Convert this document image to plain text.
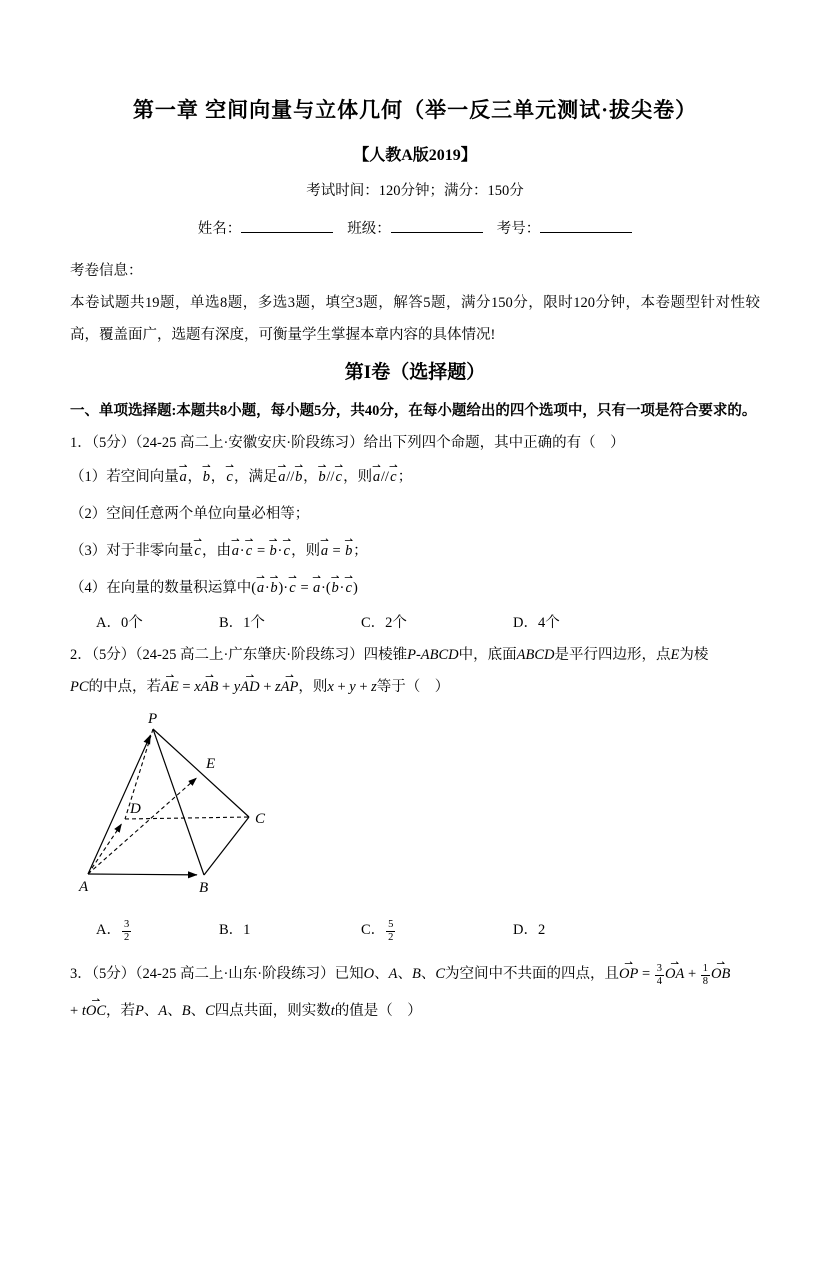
第一章 空间向量与立体几何（举一反三单元测试·拔尖卷）

【人教A版2019】

考试时间：120分钟；满分：150分

姓名：	班级：	考号：

考卷信息：

本卷试题共19题，单选8题，多选3题，填空3题，解答5题，满分150分，限时120分钟，本卷题型针对性较高，覆盖面广，选题有深度，可衡量学生掌握本章内容的具体情况!

第I卷（选择题）

一、单项选择题:本题共8小题，每小题5分，共40分，在每小题给出的四个选项中，只有一项是符合要求的。

1．（5分）（24-25 高二上·安徽安庆·阶段练习）给出下列四个命题，其中正确的有（　）

（1）若空间向量⇀ a，⇀ b，⇀ c，满足⇀ a//⇀ b，⇀ b//⇀ c，则⇀ a//⇀ c；

（2）空间任意两个单位向量必相等；

（3）对于非零向量⇀ c，由⇀ a·⇀ c = ⇀ b·⇀ c，则⇀ a = ⇀ b；

（4）在向量的数量积运算中(⇀ a·⇀ b)·⇀ c = ⇀ a·(⇀ b·⇀ c)

A．0个	B．1个	C．2个	D．4个

2．（5分）（24-25 高二上·广东肇庆·阶段练习）四棱锥P-ABCD中，底面ABCD是平行四边形，点E为棱

PC的中点，若⇀ AE = x⇀ AB + y⇀ AD + z⇀ AP，则x + y + z等于（　）

P
A	B
C
D
E
A． $\frac{3}{2}$	B．1	C． $\frac{5}{2}$	D．2

3．（5分）（24-25 高二上·山东·阶段练习）已知O、A、B、C为空间中不共面的四点，且⇀ OP = $\frac{3}{4}$ ⇀ OA + $\frac{1}{8}$ ⇀ OB

+ t⇀ OC，若P、A、B、C四点共面，则实数t的值是（　）
